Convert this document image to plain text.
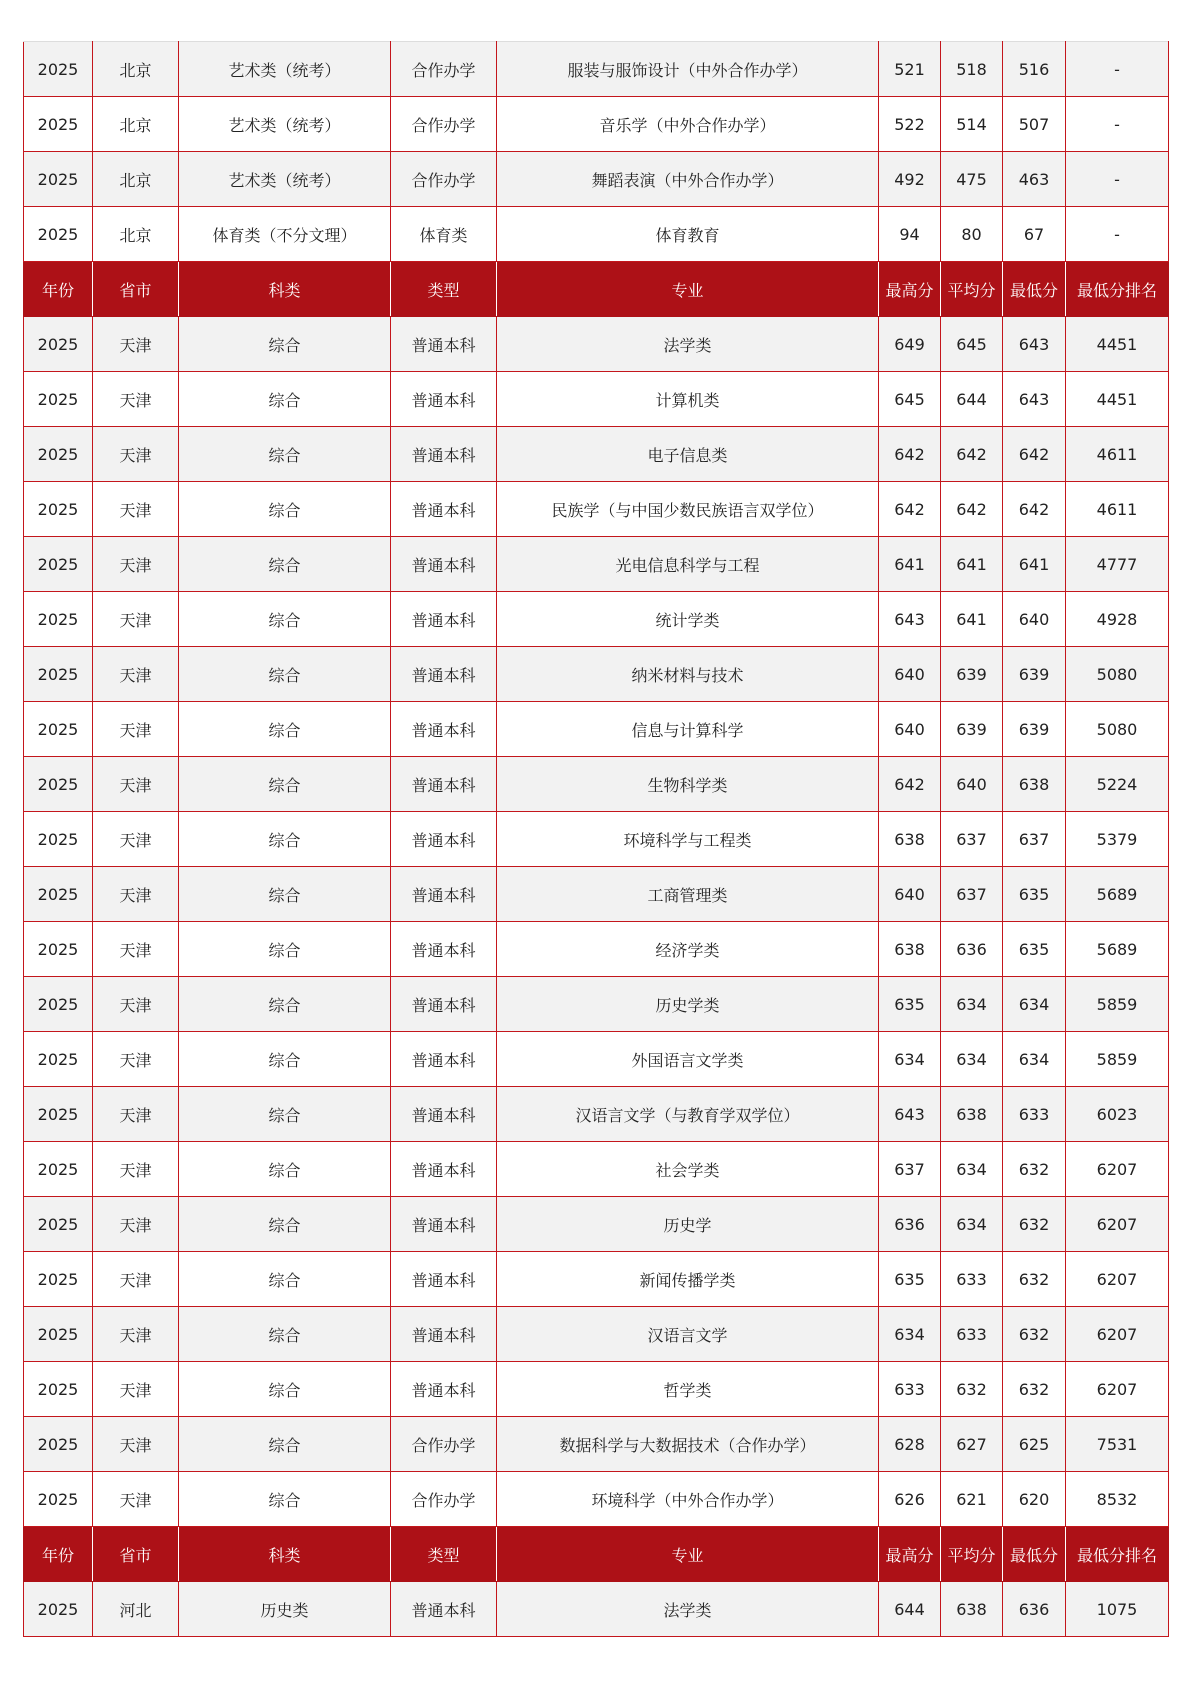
2025	北京	艺术类（统考）	合作办学	服装与服饰设计（中外合作办学）	521	518	516	-
2025	北京	艺术类（统考）	合作办学	音乐学（中外合作办学）	522	514	507	-
2025	北京	艺术类（统考）	合作办学	舞蹈表演（中外合作办学）	492	475	463	-
2025	北京	体育类（不分文理）	体育类	体育教育	94	80	67	-
年份	省市	科类	类型	专业	最高分	平均分	最低分	最低分排名
2025	天津	综合	普通本科	法学类	649	645	643	4451
2025	天津	综合	普通本科	计算机类	645	644	643	4451
2025	天津	综合	普通本科	电子信息类	642	642	642	4611
2025	天津	综合	普通本科	民族学（与中国少数民族语言双学位）	642	642	642	4611
2025	天津	综合	普通本科	光电信息科学与工程	641	641	641	4777
2025	天津	综合	普通本科	统计学类	643	641	640	4928
2025	天津	综合	普通本科	纳米材料与技术	640	639	639	5080
2025	天津	综合	普通本科	信息与计算科学	640	639	639	5080
2025	天津	综合	普通本科	生物科学类	642	640	638	5224
2025	天津	综合	普通本科	环境科学与工程类	638	637	637	5379
2025	天津	综合	普通本科	工商管理类	640	637	635	5689
2025	天津	综合	普通本科	经济学类	638	636	635	5689
2025	天津	综合	普通本科	历史学类	635	634	634	5859
2025	天津	综合	普通本科	外国语言文学类	634	634	634	5859
2025	天津	综合	普通本科	汉语言文学（与教育学双学位）	643	638	633	6023
2025	天津	综合	普通本科	社会学类	637	634	632	6207
2025	天津	综合	普通本科	历史学	636	634	632	6207
2025	天津	综合	普通本科	新闻传播学类	635	633	632	6207
2025	天津	综合	普通本科	汉语言文学	634	633	632	6207
2025	天津	综合	普通本科	哲学类	633	632	632	6207
2025	天津	综合	合作办学	数据科学与大数据技术（合作办学）	628	627	625	7531
2025	天津	综合	合作办学	环境科学（中外合作办学）	626	621	620	8532
年份	省市	科类	类型	专业	最高分	平均分	最低分	最低分排名
2025	河北	历史类	普通本科	法学类	644	638	636	1075
